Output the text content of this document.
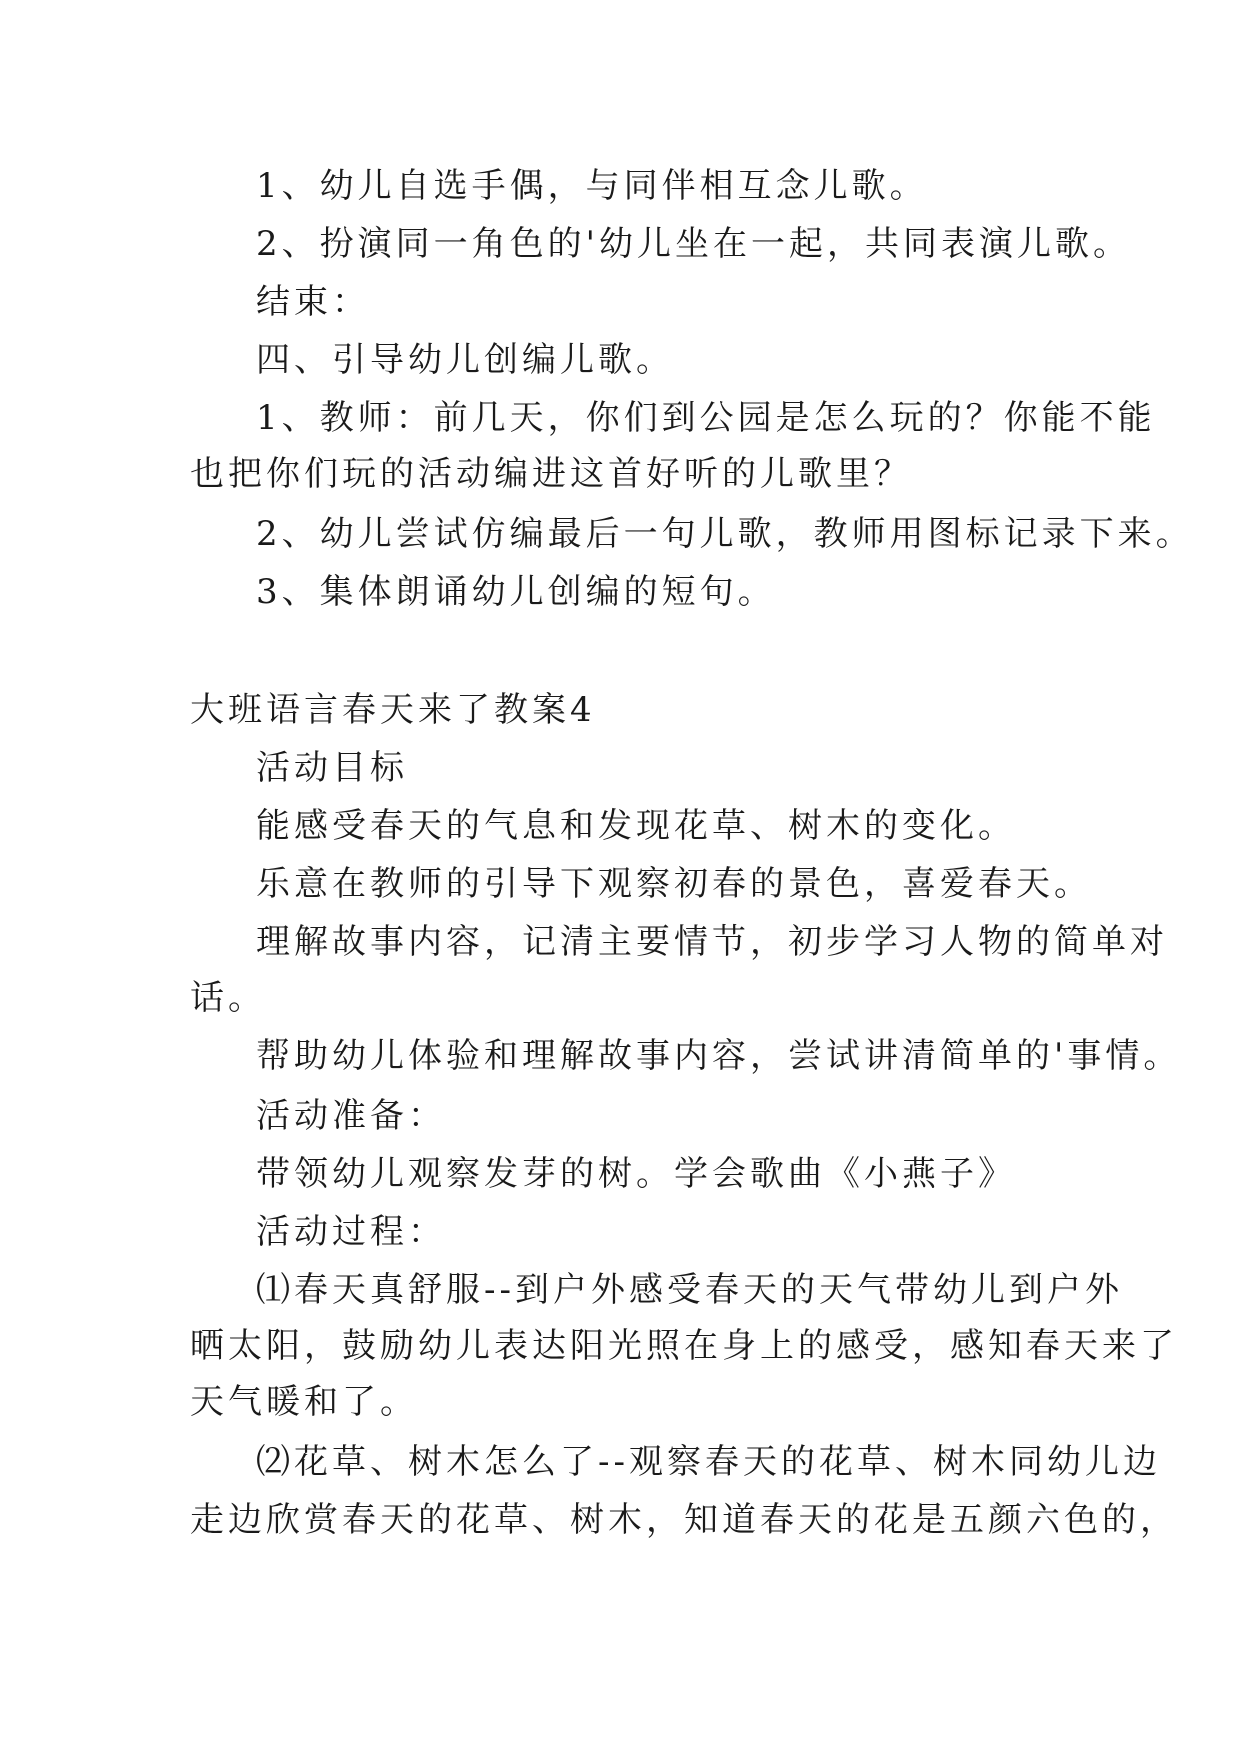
1、幼儿自选手偶，与同伴相互念儿歌。
2、扮演同一角色的'幼儿坐在一起，共同表演儿歌。
结束：
四、引导幼儿创编儿歌。
1、教师：前几天，你们到公园是怎么玩的？你能不能
也把你们玩的活动编进这首好听的儿歌里？
2、幼儿尝试仿编最后一句儿歌，教师用图标记录下来。
3、集体朗诵幼儿创编的短句。
大班语言春天来了教案4
活动目标
能感受春天的气息和发现花草、树木的变化。
乐意在教师的引导下观察初春的景色，喜爱春天。
理解故事内容，记清主要情节，初步学习人物的简单对
话。
帮助幼儿体验和理解故事内容，尝试讲清简单的'事情。
活动准备：
带领幼儿观察发芽的树。学会歌曲《小燕子》
活动过程：
⑴春天真舒服--到户外感受春天的天气带幼儿到户外
晒太阳，鼓励幼儿表达阳光照在身上的感受，感知春天来了
天气暖和了。
⑵花草、树木怎么了--观察春天的花草、树木同幼儿边
走边欣赏春天的花草、树木，知道春天的花是五颜六色的，
